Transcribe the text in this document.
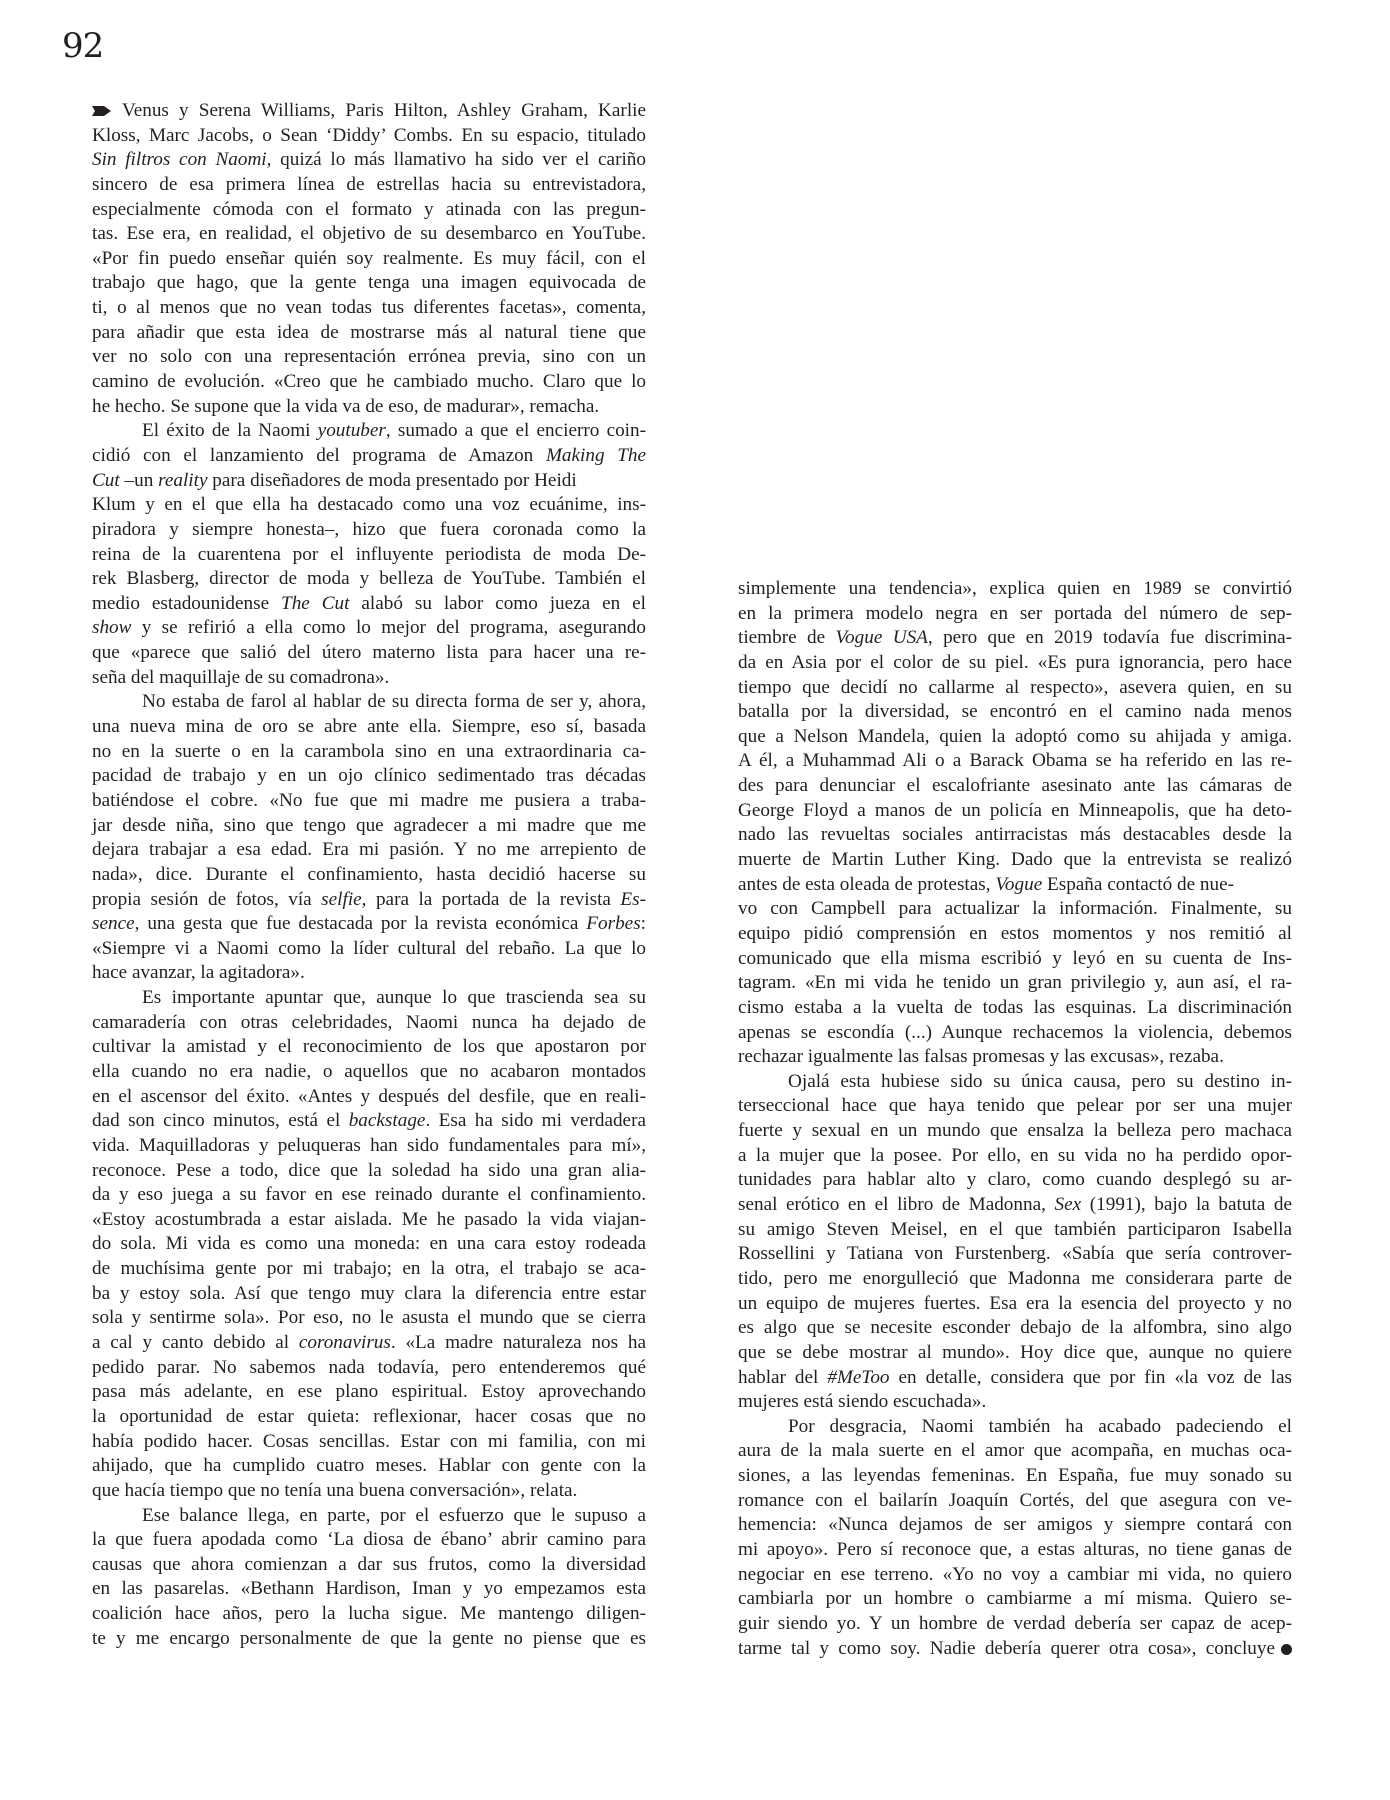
92
Venus y Serena Williams, Paris Hilton, Ashley Graham, Karlie
Kloss, Marc Jacobs, o Sean ‘Diddy’ Combs. En su espacio, titulado
Sin filtros con Naomi, quizá lo más llamativo ha sido ver el cariño
sincero de esa primera línea de estrellas hacia su entrevistadora,
especialmente cómoda con el formato y atinada con las pregun-
tas. Ese era, en realidad, el objetivo de su desembarco en YouTube.
«Por fin puedo enseñar quién soy realmente. Es muy fácil, con el
trabajo que hago, que la gente tenga una imagen equivocada de
ti, o al menos que no vean todas tus diferentes facetas», comenta,
para añadir que esta idea de mostrarse más al natural tiene que
ver no solo con una representación errónea previa, sino con un
camino de evolución. «Creo que he cambiado mucho. Claro que lo
he hecho. Se supone que la vida va de eso, de madurar», remacha.
El éxito de la Naomi youtuber, sumado a que el encierro coin-
cidió con el lanzamiento del programa de Amazon Making The
Cut –un reality para diseñadores de moda presentado por Heidi
Klum y en el que ella ha destacado como una voz ecuánime, ins-
piradora y siempre honesta–, hizo que fuera coronada como la
reina de la cuarentena por el influyente periodista de moda De-
rek Blasberg, director de moda y belleza de YouTube. También el
medio estadounidense The Cut alabó su labor como jueza en el
show y se refirió a ella como lo mejor del programa, asegurando
que «parece que salió del útero materno lista para hacer una re-
seña del maquillaje de su comadrona».
No estaba de farol al hablar de su directa forma de ser y, ahora,
una nueva mina de oro se abre ante ella. Siempre, eso sí, basada
no en la suerte o en la carambola sino en una extraordinaria ca-
pacidad de trabajo y en un ojo clínico sedimentado tras décadas
batiéndose el cobre. «No fue que mi madre me pusiera a traba-
jar desde niña, sino que tengo que agradecer a mi madre que me
dejara trabajar a esa edad. Era mi pasión. Y no me arrepiento de
nada», dice. Durante el confinamiento, hasta decidió hacerse su
propia sesión de fotos, vía selfie, para la portada de la revista Es-
sence, una gesta que fue destacada por la revista económica Forbes:
«Siempre vi a Naomi como la líder cultural del rebaño. La que lo
hace avanzar, la agitadora».
Es importante apuntar que, aunque lo que trascienda sea su
camaradería con otras celebridades, Naomi nunca ha dejado de
cultivar la amistad y el reconocimiento de los que apostaron por
ella cuando no era nadie, o aquellos que no acabaron montados
en el ascensor del éxito. «Antes y después del desfile, que en reali-
dad son cinco minutos, está el backstage. Esa ha sido mi verdadera
vida. Maquilladoras y peluqueras han sido fundamentales para mí»,
reconoce. Pese a todo, dice que la soledad ha sido una gran alia-
da y eso juega a su favor en ese reinado durante el confinamiento.
«Estoy acostumbrada a estar aislada. Me he pasado la vida viajan-
do sola. Mi vida es como una moneda: en una cara estoy rodeada
de muchísima gente por mi trabajo; en la otra, el trabajo se aca-
ba y estoy sola. Así que tengo muy clara la diferencia entre estar
sola y sentirme sola». Por eso, no le asusta el mundo que se cierra
a cal y canto debido al coronavirus. «La madre naturaleza nos ha
pedido parar. No sabemos nada todavía, pero entenderemos qué
pasa más adelante, en ese plano espiritual. Estoy aprovechando
la oportunidad de estar quieta: reflexionar, hacer cosas que no
había podido hacer. Cosas sencillas. Estar con mi familia, con mi
ahijado, que ha cumplido cuatro meses. Hablar con gente con la
que hacía tiempo que no tenía una buena conversación», relata.
Ese balance llega, en parte, por el esfuerzo que le supuso a
la que fuera apodada como ‘La diosa de ébano’ abrir camino para
causas que ahora comienzan a dar sus frutos, como la diversidad
en las pasarelas. «Bethann Hardison, Iman y yo empezamos esta
coalición hace años, pero la lucha sigue. Me mantengo diligen-
te y me encargo personalmente de que la gente no piense que es
simplemente una tendencia», explica quien en 1989 se convirtió
en la primera modelo negra en ser portada del número de sep-
tiembre de Vogue USA, pero que en 2019 todavía fue discrimina-
da en Asia por el color de su piel. «Es pura ignorancia, pero hace
tiempo que decidí no callarme al respecto», asevera quien, en su
batalla por la diversidad, se encontró en el camino nada menos
que a Nelson Mandela, quien la adoptó como su ahijada y amiga.
A él, a Muhammad Ali o a Barack Obama se ha referido en las re-
des para denunciar el escalofriante asesinato ante las cámaras de
George Floyd a manos de un policía en Minneapolis, que ha deto-
nado las revueltas sociales antirracistas más destacables desde la
muerte de Martin Luther King. Dado que la entrevista se realizó
antes de esta oleada de protestas, Vogue España contactó de nue-
vo con Campbell para actualizar la información. Finalmente, su
equipo pidió comprensión en estos momentos y nos remitió al
comunicado que ella misma escribió y leyó en su cuenta de Ins-
tagram. «En mi vida he tenido un gran privilegio y, aun así, el ra-
cismo estaba a la vuelta de todas las esquinas. La discriminación
apenas se escondía (...) Aunque rechacemos la violencia, debemos
rechazar igualmente las falsas promesas y las excusas», rezaba.
Ojalá esta hubiese sido su única causa, pero su destino in-
terseccional hace que haya tenido que pelear por ser una mujer
fuerte y sexual en un mundo que ensalza la belleza pero machaca
a la mujer que la posee. Por ello, en su vida no ha perdido opor-
tunidades para hablar alto y claro, como cuando desplegó su ar-
senal erótico en el libro de Madonna, Sex (1991), bajo la batuta de
su amigo Steven Meisel, en el que también participaron Isabella
Rossellini y Tatiana von Furstenberg. «Sabía que sería controver-
tido, pero me enorgulleció que Madonna me considerara parte de
un equipo de mujeres fuertes. Esa era la esencia del proyecto y no
es algo que se necesite esconder debajo de la alfombra, sino algo
que se debe mostrar al mundo». Hoy dice que, aunque no quiere
hablar del #MeToo en detalle, considera que por fin «la voz de las
mujeres está siendo escuchada».
Por desgracia, Naomi también ha acabado padeciendo el
aura de la mala suerte en el amor que acompaña, en muchas oca-
siones, a las leyendas femeninas. En España, fue muy sonado su
romance con el bailarín Joaquín Cortés, del que asegura con ve-
hemencia: «Nunca dejamos de ser amigos y siempre contará con
mi apoyo». Pero sí reconoce que, a estas alturas, no tiene ganas de
negociar en ese terreno. «Yo no voy a cambiar mi vida, no quiero
cambiarla por un hombre o cambiarme a mí misma. Quiero se-
guir siendo yo. Y un hombre de verdad debería ser capaz de acep-
tarme tal y como soy. Nadie debería querer otra cosa», concluye
